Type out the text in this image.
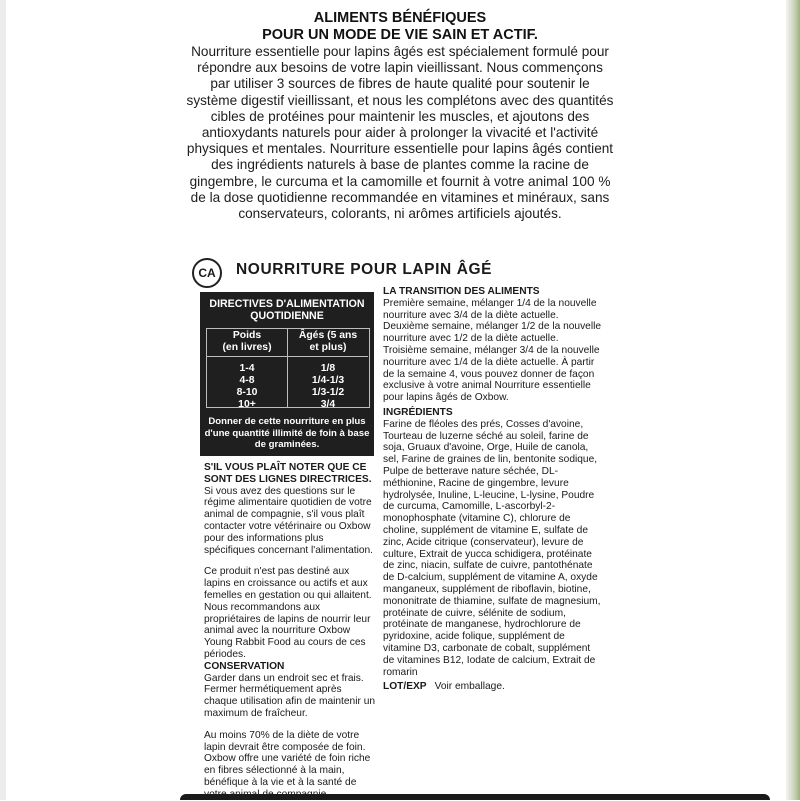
ALIMENTS BÉNÉFIQUES
POUR UN MODE DE VIE SAIN ET ACTIF.
Nourriture essentielle pour lapins âgés est spécialement formulé pour répondre aux besoins de votre lapin vieillissant. Nous commençons par utiliser 3 sources de fibres de haute qualité pour soutenir le système digestif vieillissant, et nous les complétons avec des quantités cibles de protéines pour maintenir les muscles, et ajoutons des antioxydants naturels pour aider à prolonger la vivacité et l'activité physiques et mentales. Nourriture essentielle pour lapins âgés contient des ingrédients naturels à base de plantes comme la racine de gingembre, le curcuma et la camomille et fournit à votre animal 100 % de la dose quotidienne recommandée en vitamines et minéraux, sans conservateurs, colorants, ni arômes artificiels ajoutés.
CA	NOURRITURE POUR LAPIN ÂGÉ
DIRECTIVES D'ALIMENTATION
QUOTIDIENNE
Poids
(en livres)
1-4
4-8
8-10
10+
Âgés (5 ans
et plus)
1/8
1/4-1/3
1/3-1/2
3/4
Donner de cette nourriture en plus d'une quantité illimité de foin à base de graminées.

S'IL VOUS PLAÎT NOTER QUE CE SONT DES LIGNES DIRECTRICES.

Si vous avez des questions sur le régime alimentaire quotidien de votre animal de compagnie, s'il vous plaît contacter votre vétérinaire ou Oxbow pour des informations plus spécifiques concernant l'alimentation.

Ce produit n'est pas destiné aux lapins en croissance ou actifs et aux femelles en gestation ou qui allaitent. Nous recommandons aux propriétaires de lapins de nourrir leur animal avec la nourriture Oxbow Young Rabbit Food au cours de ces périodes.

CONSERVATION

Garder dans un endroit sec et frais. Fermer hermétiquement après chaque utilisation afin de maintenir un maximum de fraîcheur.

Au moins 70% de la diète de votre lapin devrait être composée de foin. Oxbow offre une variété de foin riche en fibres sélectionné à la main, bénéfique à la vie et à la santé de votre animal de compagnie.

LA TRANSITION DES ALIMENTS

Première semaine, mélanger 1/4 de la nouvelle nourriture avec 3/4 de la diète actuelle. Deuxième semaine, mélanger 1/2 de la nouvelle nourriture avec 1/2 de la diète actuelle. Troisième semaine, mélanger 3/4 de la nouvelle nourriture avec 1/4 de la diète actuelle. À partir de la semaine 4, vous pouvez donner de façon exclusive à votre animal Nourriture essentielle pour lapins âgés de Oxbow.

INGRÉDIENTS

Farine de fléoles des prés, Cosses d'avoine, Tourteau de luzerne séché au soleil, farine de soja, Gruaux d'avoine, Orge, Huile de canola, sel, Farine de graines de lin, bentonite sodique, Pulpe de betterave nature séchée, DL-méthionine, Racine de gingembre, levure hydrolysée, Inuline, L-leucine, L-lysine, Poudre de curcuma, Camomille, L-ascorbyl-2-monophosphate (vitamine C), chlorure de choline, supplément de vitamine E, sulfate de zinc, Acide citrique (conservateur), levure de culture, Extrait de yucca schidigera, protéinate de zinc, niacin, sulfate de cuivre, pantothénate de D-calcium, supplément de vitamine A, oxyde manganeux, supplément de riboflavin, biotine, mononitrate de thiamine, sulfate de magnesium, protéinate de cuivre, sélénite de sodium, protéinate de manganese, hydrochlorure de pyridoxine, acide folique, supplément de vitamine D3, carbonate de cobalt, supplément de vitamines B12, Iodate de calcium, Extrait de romarin

LOT/EXP Voir emballage.
